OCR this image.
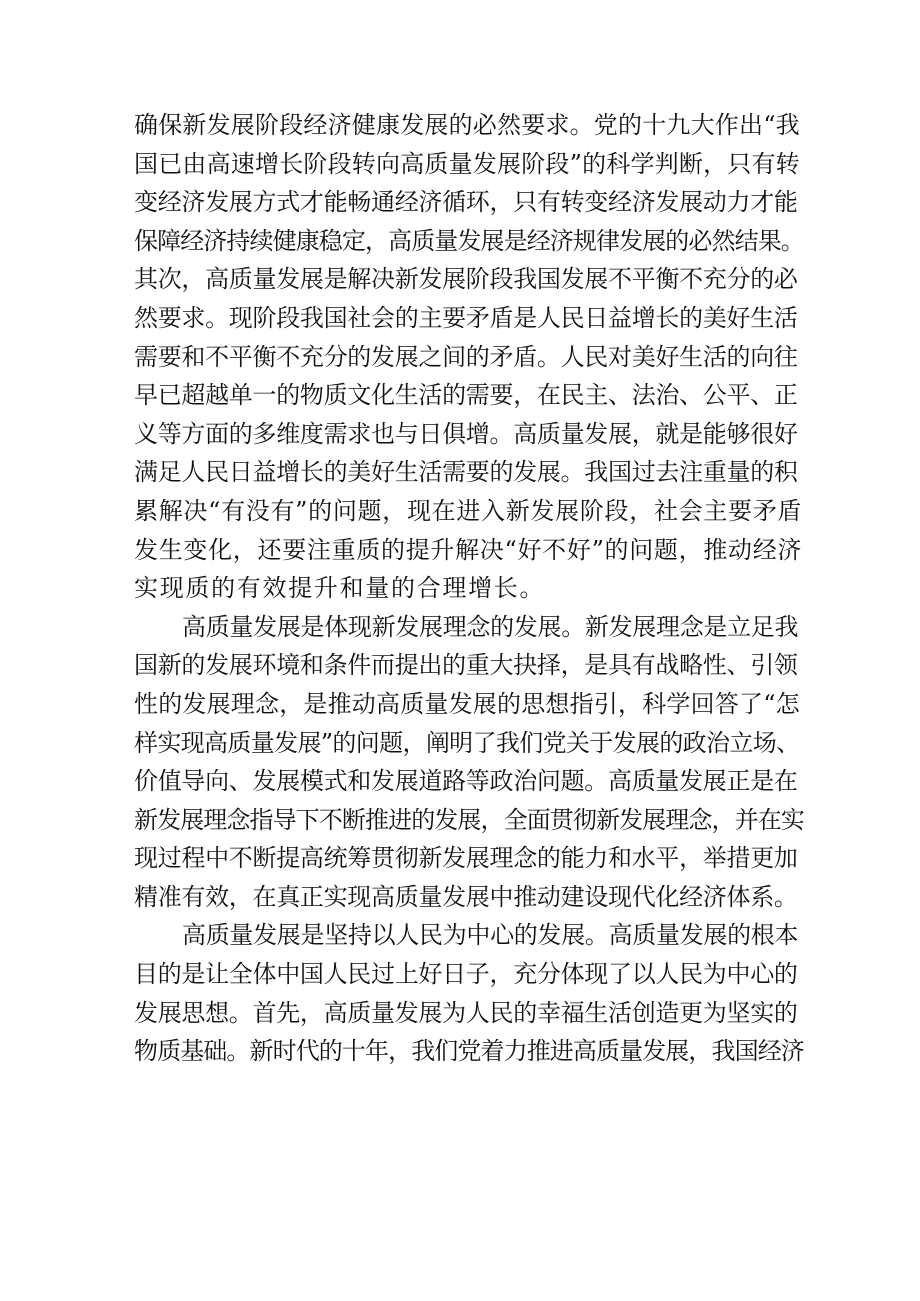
确保新发展阶段经济健康发展的必然要求。党的十九大作出“我
国已由高速增长阶段转向高质量发展阶段”的科学判断，只有转
变经济发展方式才能畅通经济循环，只有转变经济发展动力才能
保障经济持续健康稳定，高质量发展是经济规律发展的必然结果。
其次，高质量发展是解决新发展阶段我国发展不平衡不充分的必
然要求。现阶段我国社会的主要矛盾是人民日益增长的美好生活
需要和不平衡不充分的发展之间的矛盾。人民对美好生活的向往
早已超越单一的物质文化生活的需要，在民主、法治、公平、正
义等方面的多维度需求也与日俱增。高质量发展，就是能够很好
满足人民日益增长的美好生活需要的发展。我国过去注重量的积
累解决“有没有”的问题，现在进入新发展阶段，社会主要矛盾
发生变化，还要注重质的提升解决“好不好”的问题，推动经济
实现质的有效提升和量的合理增长。
高质量发展是体现新发展理念的发展。新发展理念是立足我
国新的发展环境和条件而提出的重大抉择，是具有战略性、引领
性的发展理念，是推动高质量发展的思想指引，科学回答了“怎
样实现高质量发展”的问题，阐明了我们党关于发展的政治立场、
价值导向、发展模式和发展道路等政治问题。高质量发展正是在
新发展理念指导下不断推进的发展，全面贯彻新发展理念，并在实
现过程中不断提高统筹贯彻新发展理念的能力和水平，举措更加
精准有效，在真正实现高质量发展中推动建设现代化经济体系。
高质量发展是坚持以人民为中心的发展。高质量发展的根本
目的是让全体中国人民过上好日子，充分体现了以人民为中心的
发展思想。首先，高质量发展为人民的幸福生活创造更为坚实的
物质基础。新时代的十年，我们党着力推进高质量发展，我国经济
